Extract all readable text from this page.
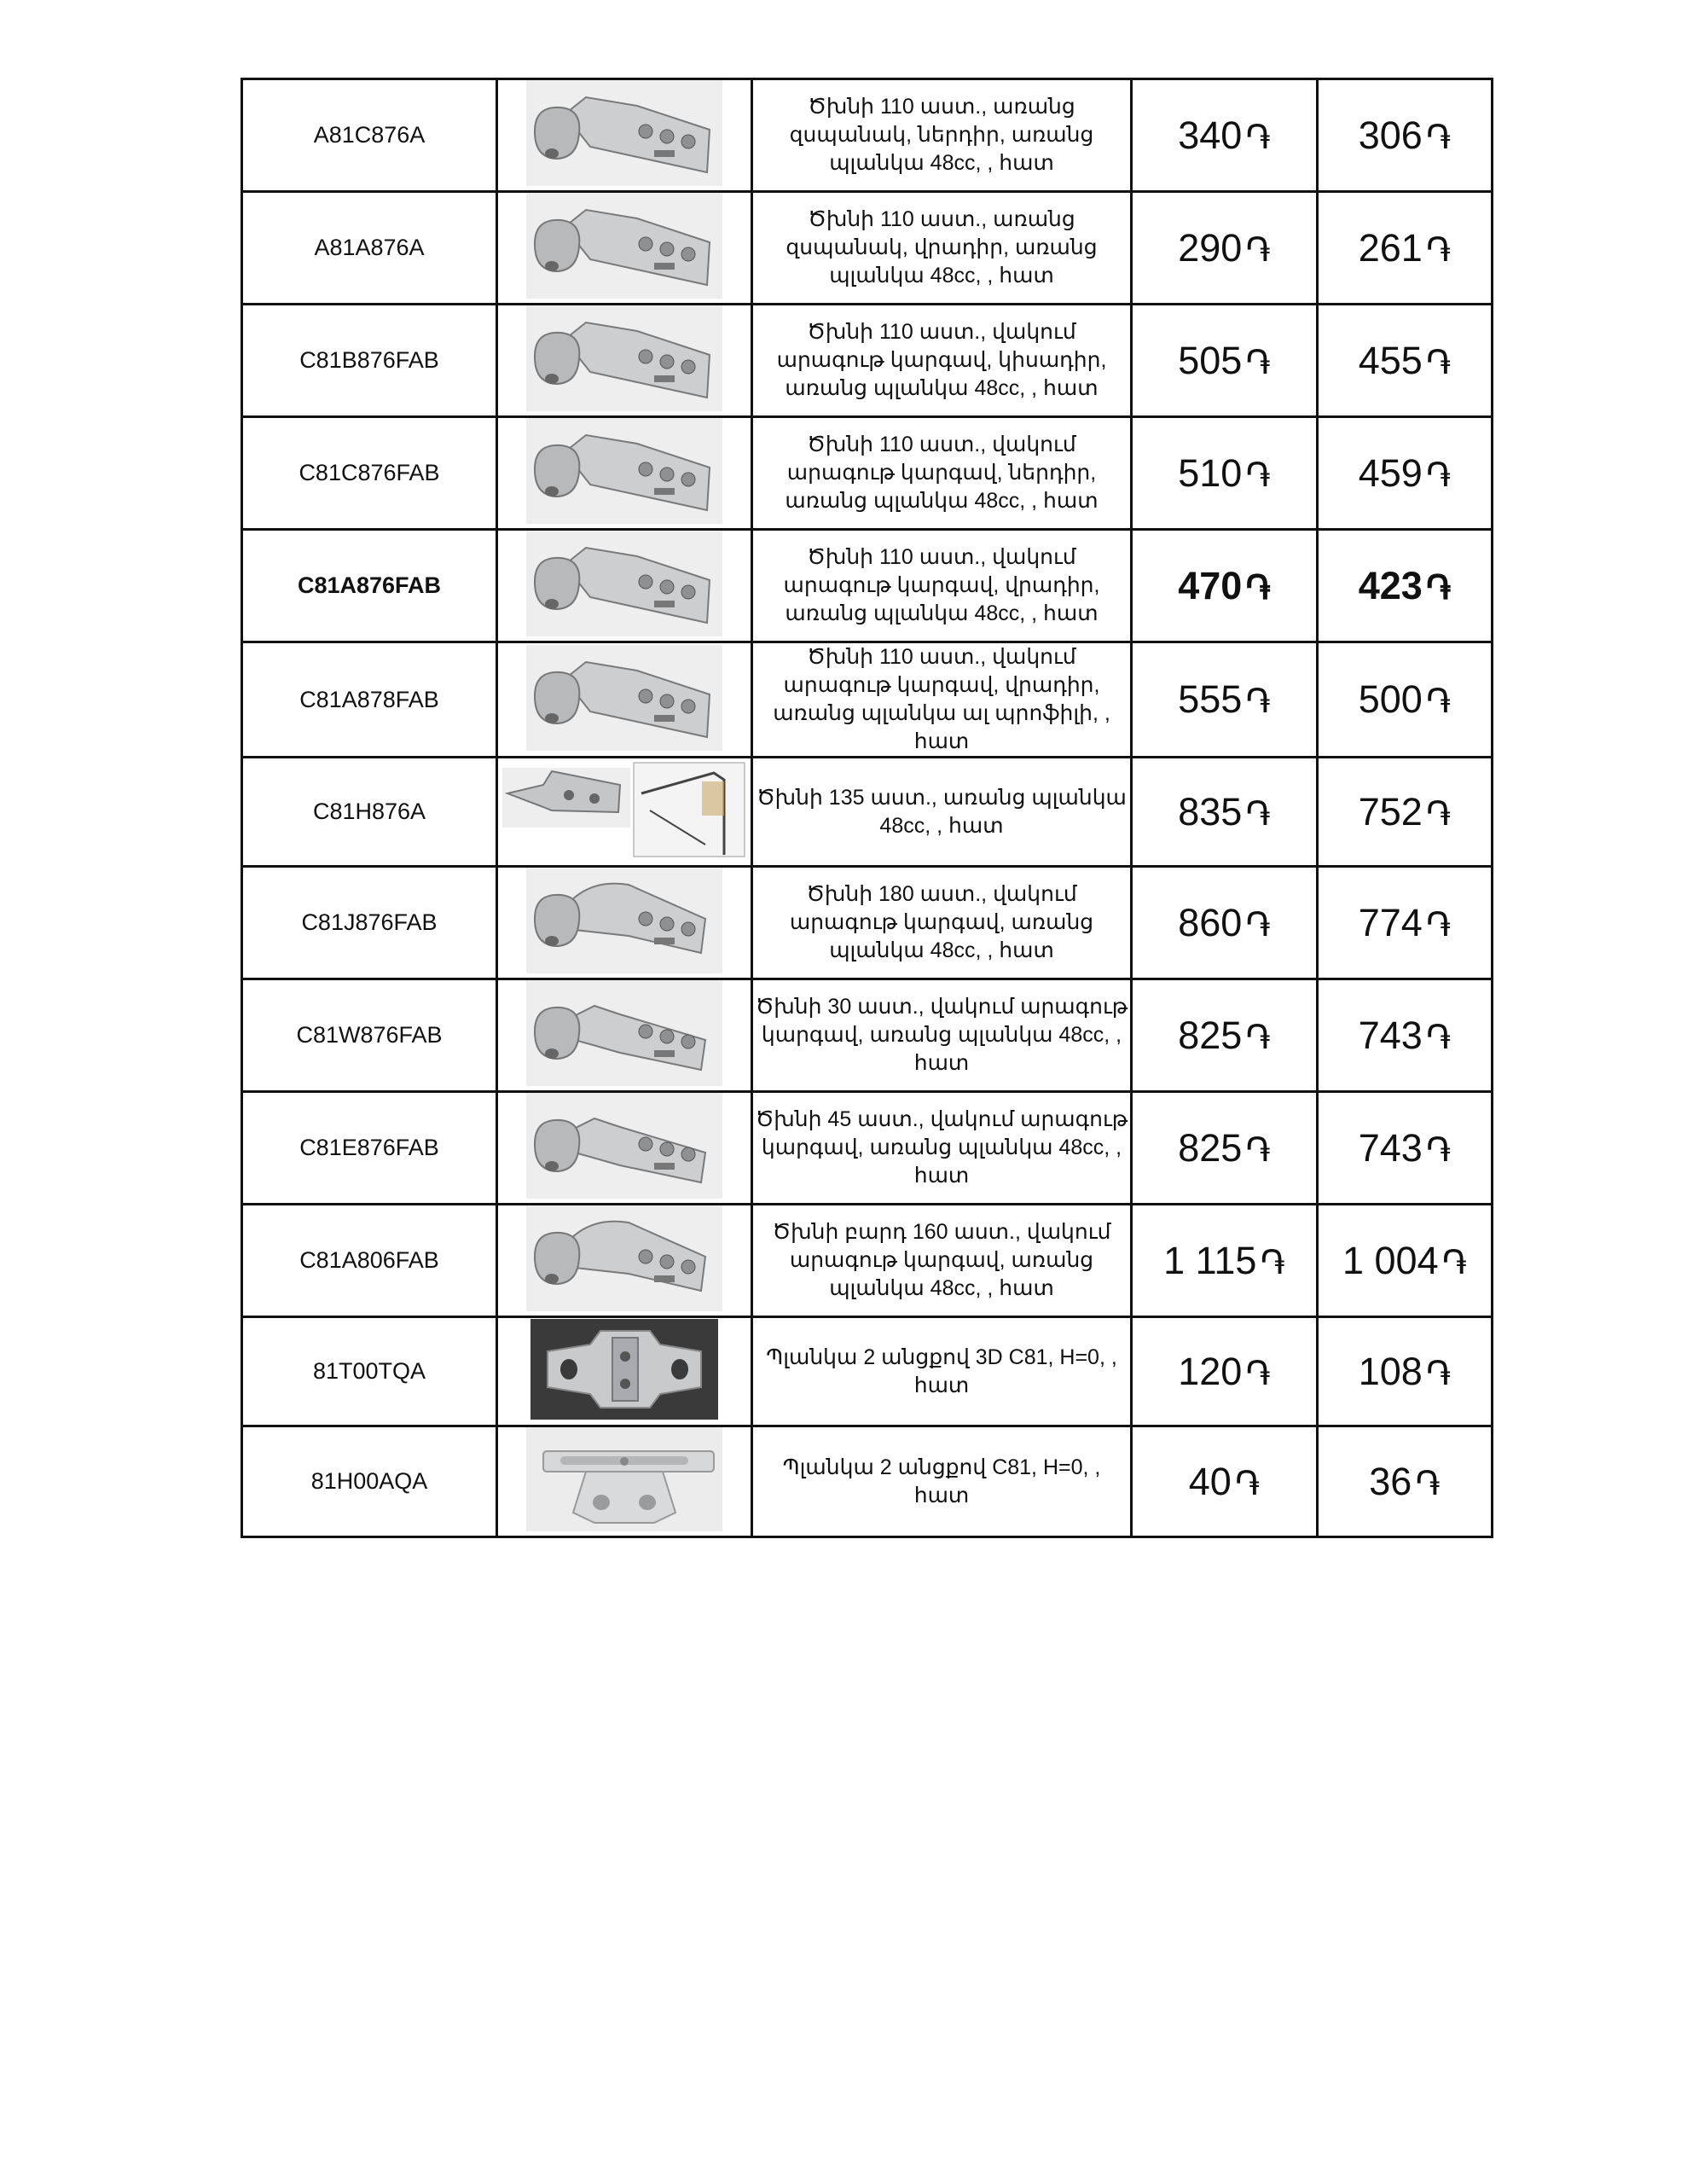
A81C876A		Ծխնի 110 աստ., առանց զսպանակ, ներդիր, առանց պլանկա 48cc, , հատ	340 ֏	306 ֏
A81A876A		Ծխնի 110 աստ., առանց զսպանակ, վրադիր, առանց պլանկա 48cc, , հատ	290 ֏	261 ֏
C81B876FAB		Ծխնի 110 աստ., վակում արագութ կարգավ, կիսադիր, առանց պլանկա 48cc, , հատ	505 ֏	455 ֏
C81C876FAB		Ծխնի 110 աստ., վակում արագութ կարգավ, ներդիր, առանց պլանկա 48cc, , հատ	510 ֏	459 ֏
C81A876FAB		Ծխնի 110 աստ., վակում արագութ կարգավ, վրադիր, առանց պլանկա 48cc, , հատ	470 ֏	423 ֏
C81A878FAB		Ծխնի 110 աստ., վակում արագութ կարգավ, վրադիր, առանց պլանկա ալ պրոֆիլի, , հատ	555 ֏	500 ֏
C81H876A		Ծխնի 135 աստ., առանց պլանկա 48cc, , հատ	835 ֏	752 ֏
C81J876FAB		Ծխնի 180 աստ., վակում արագութ կարգավ, առանց պլանկա 48cc, , հատ	860 ֏	774 ֏
C81W876FAB		Ծխնի 30 աստ., վակում արագութ կարգավ, առանց պլանկա 48cc, , հատ	825 ֏	743 ֏
C81E876FAB		Ծխնի 45 աստ., վակում արագութ կարգավ, առանց պլանկա 48cc, , հատ	825 ֏	743 ֏
C81A806FAB		Ծխնի բարդ 160 աստ., վակում արագութ կարգավ, առանց պլանկա 48cc, , հատ	1 115 ֏	1 004 ֏
81T00TQA		Պլանկա 2 անցքով 3D C81, H=0, , հատ	120 ֏	108 ֏
81H00AQA		Պլանկա 2 անցքով C81, H=0, , հատ	40 ֏	36 ֏
